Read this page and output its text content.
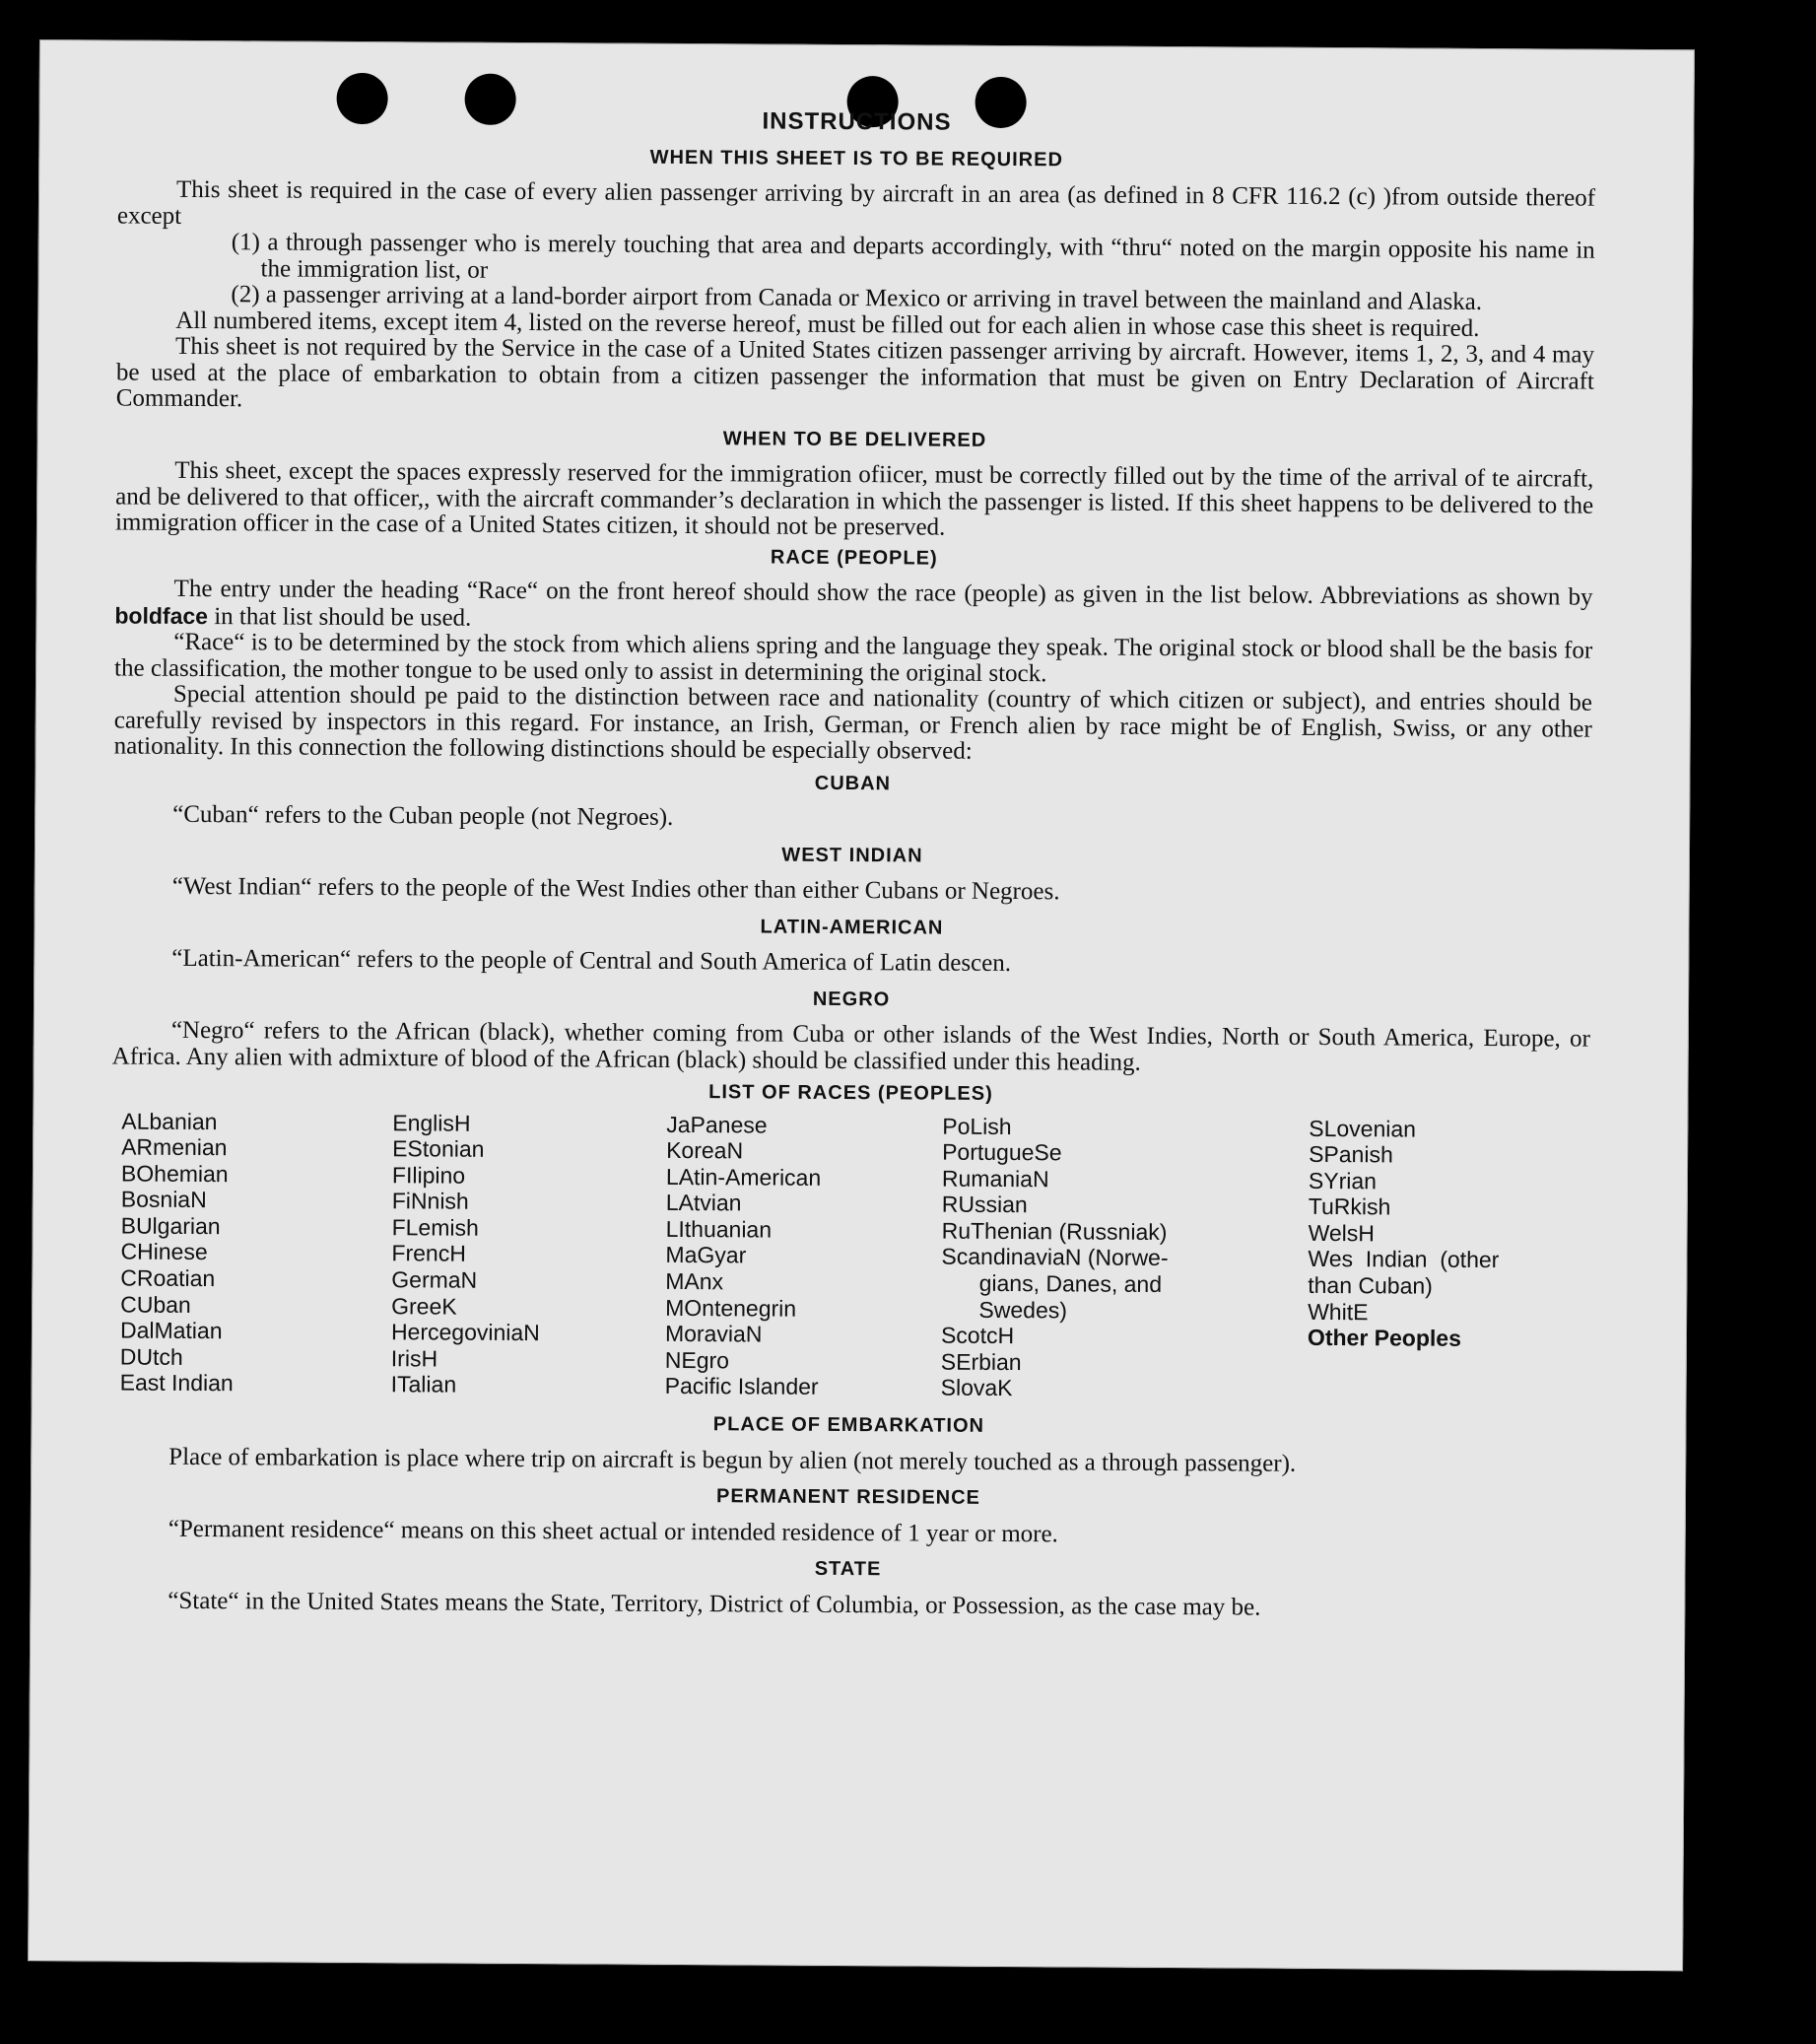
INSTRUCTIONS
WHEN THIS SHEET IS TO BE REQUIRED

This sheet is required in the case of every alien passenger arriving by aircraft in an area (as defined in 8 CFR 116.2 (c) )from outside thereof except

(1) a through passenger who is merely touching that area and departs accordingly, with “thru“ noted on the margin opposite his name in the immigration list, or

(2) a passenger arriving at a land-border airport from Canada or Mexico or arriving in travel between the mainland and Alaska.

All numbered items, except item 4, listed on the reverse hereof, must be filled out for each alien in whose case this sheet is required.

This sheet is not required by the Service in the case of a United States citizen passenger arriving by aircraft. However, items 1, 2, 3, and 4 may be used at the place of embarkation to obtain from a citizen passenger the information that must be given on Entry Declaration of Aircraft Commander.

WHEN TO BE DELIVERED

This sheet, except the spaces expressly reserved for the immigration ofiicer, must be correctly filled out by the time of the arrival of te aircraft, and be delivered to that officer,, with the aircraft commander’s declaration in which the passenger is listed. If this sheet happens to be delivered to the immigration officer in the case of a United States citizen, it should not be preserved.

RACE (PEOPLE)

The entry under the heading “Race“ on the front hereof should show the race (people) as given in the list below. Abbreviations as shown by boldface in that list should be used.

“Race“ is to be determined by the stock from which aliens spring and the language they speak. The original stock or blood shall be the basis for the classification, the mother tongue to be used only to assist in determining the original stock.

Special attention should pe paid to the distinction between race and nationality (country of which citizen or subject), and entries should be carefully revised by inspectors in this regard. For instance, an Irish, German, or French alien by race might be of English, Swiss, or any other nationality. In this connection the following distinctions should be especially observed:

CUBAN

“Cuban“ refers to the Cuban people (not Negroes).

WEST INDIAN

“West Indian“ refers to the people of the West Indies other than either Cubans or Negroes.

LATIN-AMERICAN

“Latin-American“ refers to the people of Central and South America of Latin descen.

NEGRO

“Negro“ refers to the African (black), whether coming from Cuba or other islands of the West Indies, North or South America, Europe, or Africa. Any alien with admixture of blood of the African (black) should be classified under this heading.

LIST OF RACES (PEOPLES)
ALbanian
ARmenian
BOhemian
BosniaN
BUlgarian
CHinese
CRoatian
CUban
DalMatian
DUtch
East Indian
EnglisH
EStonian
FIlipino
FiNnish
FLemish
FrencH
GermaN
GreeK
HercegoviniaN
IrisH
ITalian
JaPanese
KoreaN
LAtin-American
LAtvian
LIthuanian
MaGyar
MAnx
MOntenegrin
MoraviaN
NEgro
Pacific Islander
PoLish
PortugueSe
RumaniaN
RUssian
RuThenian (Russniak)
ScandinaviaN (Norwe-
gians, Danes, and
Swedes)
ScotcH
SErbian
SlovaK
SLovenian
SPanish
SYrian
TuRkish
WelsH
Wes  Indian  (other
than Cuban)
WhitE
Other Peoples
PLACE OF EMBARKATION

Place of embarkation is place where trip on aircraft is begun by alien (not merely touched as a through passenger).

PERMANENT RESIDENCE

“Permanent residence“ means on this sheet actual or intended residence of 1 year or more.

STATE

“State“ in the United States means the State, Territory, District of Columbia, or Possession, as the case may be.
